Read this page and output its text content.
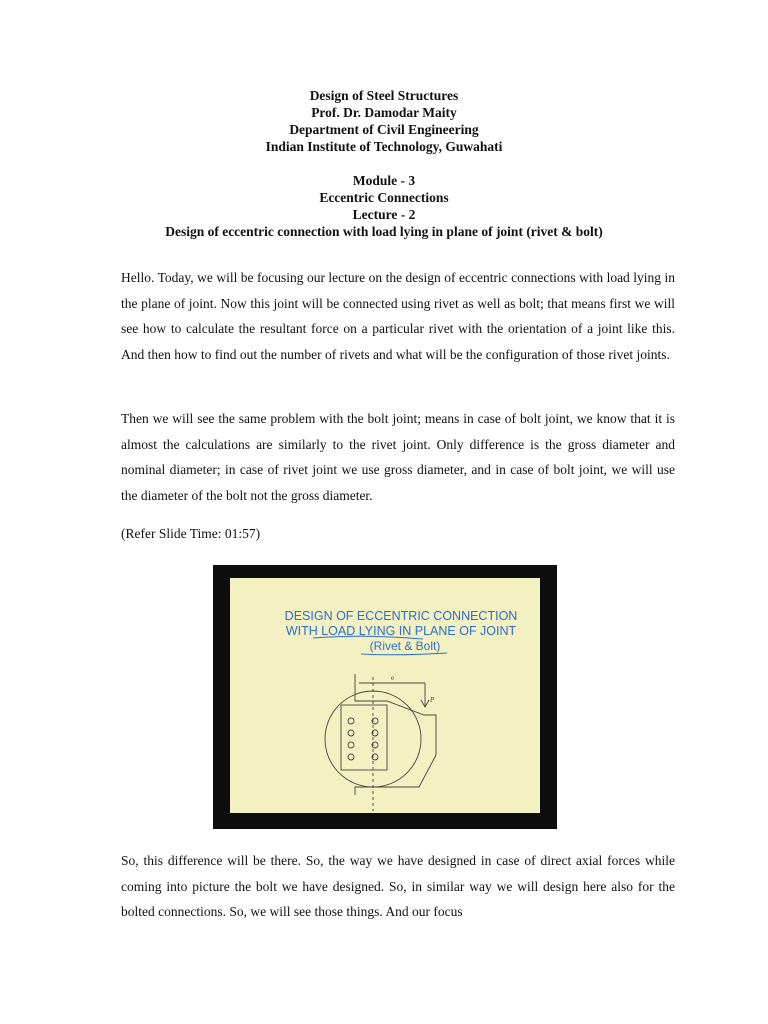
Design of Steel Structures
Prof. Dr. Damodar Maity
Department of Civil Engineering
Indian Institute of Technology, Guwahati
Module - 3
Eccentric Connections
Lecture - 2
Design of eccentric connection with load lying in plane of joint (rivet & bolt)

Hello. Today, we will be focusing our lecture on the design of eccentric connections with load lying in the plane of joint. Now this joint will be connected using rivet as well as bolt; that means first we will see how to calculate the resultant force on a particular rivet with the orientation of a joint like this. And then how to find out the number of rivets and what will be the configuration of those rivet joints.

Then we will see the same problem with the bolt joint; means in case of bolt joint, we know that it is almost the calculations are similarly to the rivet joint. Only difference is the gross diameter and nominal diameter; in case of rivet joint we use gross diameter, and in case of bolt joint, we will use the diameter of the bolt not the gross diameter.

(Refer Slide Time: 01:57)

DESIGN OF ECCENTRIC CONNECTION
WITH LOAD LYING IN PLANE OF JOINT
(Rivet & Bolt)
e
P

So, this difference will be there. So, the way we have designed in case of direct axial forces while coming into picture the bolt we have designed. So, in similar way we will design here also for the bolted connections. So, we will see those things. And our focus
